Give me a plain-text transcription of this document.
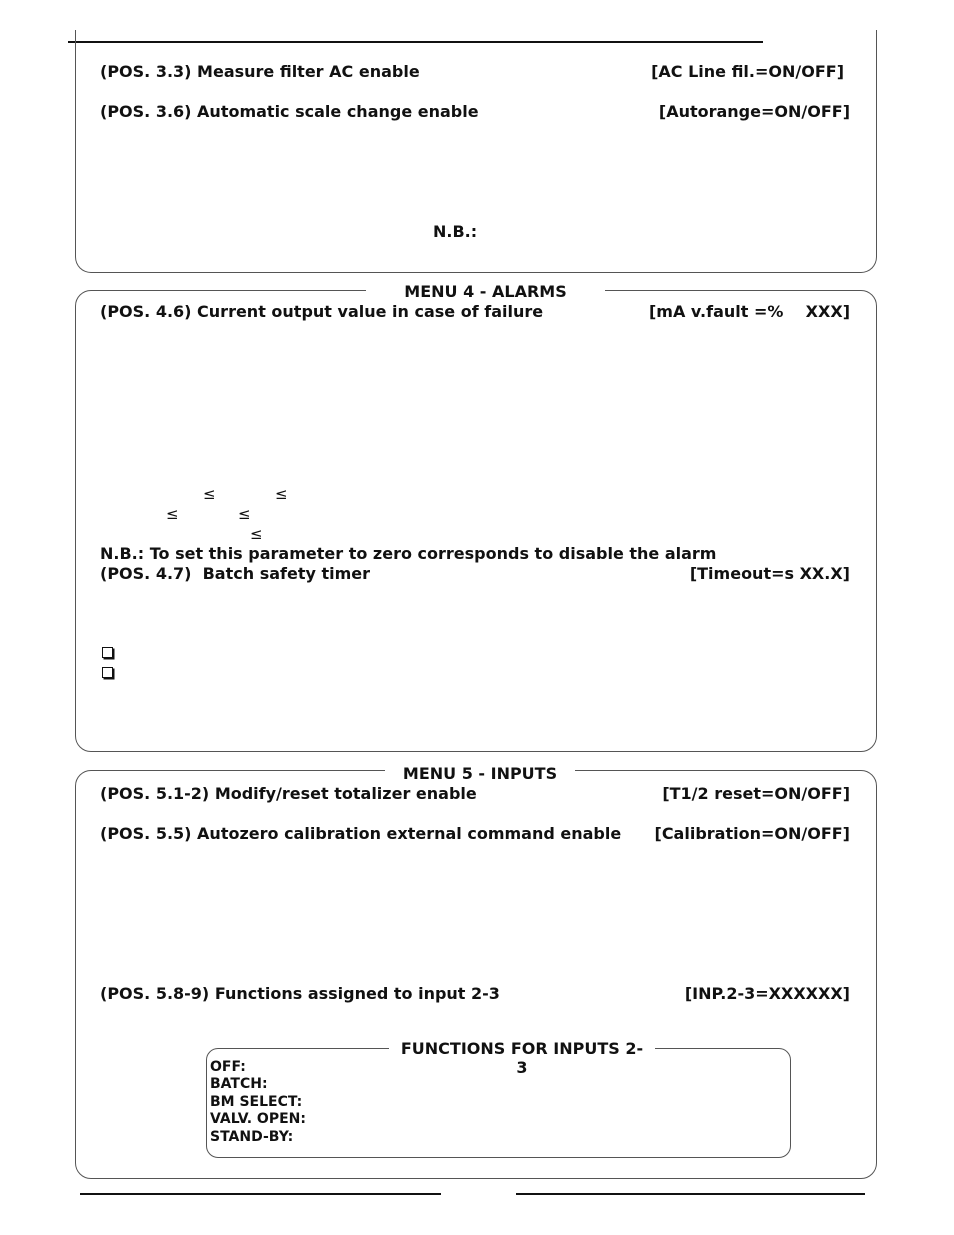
(POS. 3.3) Measure filter AC enable	[AC Line fil.=ON/OFF]
(POS. 3.6) Automatic scale change enable	[Autorange=ON/OFF]
N.B.:
MENU 4 - ALARMS
(POS. 4.6) Current output value in case of failure	[mA v.fault =%    XXX]
≤	≤
≤	≤
≤
N.B.: To set this parameter to zero corresponds to disable the alarm
(POS. 4.7)  Batch safety timer	[Timeout=s XX.X]
MENU 5 - INPUTS
(POS. 5.1-2) Modify/reset totalizer enable	[T1/2 reset=ON/OFF]
(POS. 5.5) Autozero calibration external command enable [Calibration=ON/OFF]
(POS. 5.8-9) Functions assigned to input 2-3	[INP.2-3=XXXXXX]
FUNCTIONS FOR INPUTS 2-3
OFF:
BATCH:
BM SELECT:
VALV. OPEN:
STAND-BY:
